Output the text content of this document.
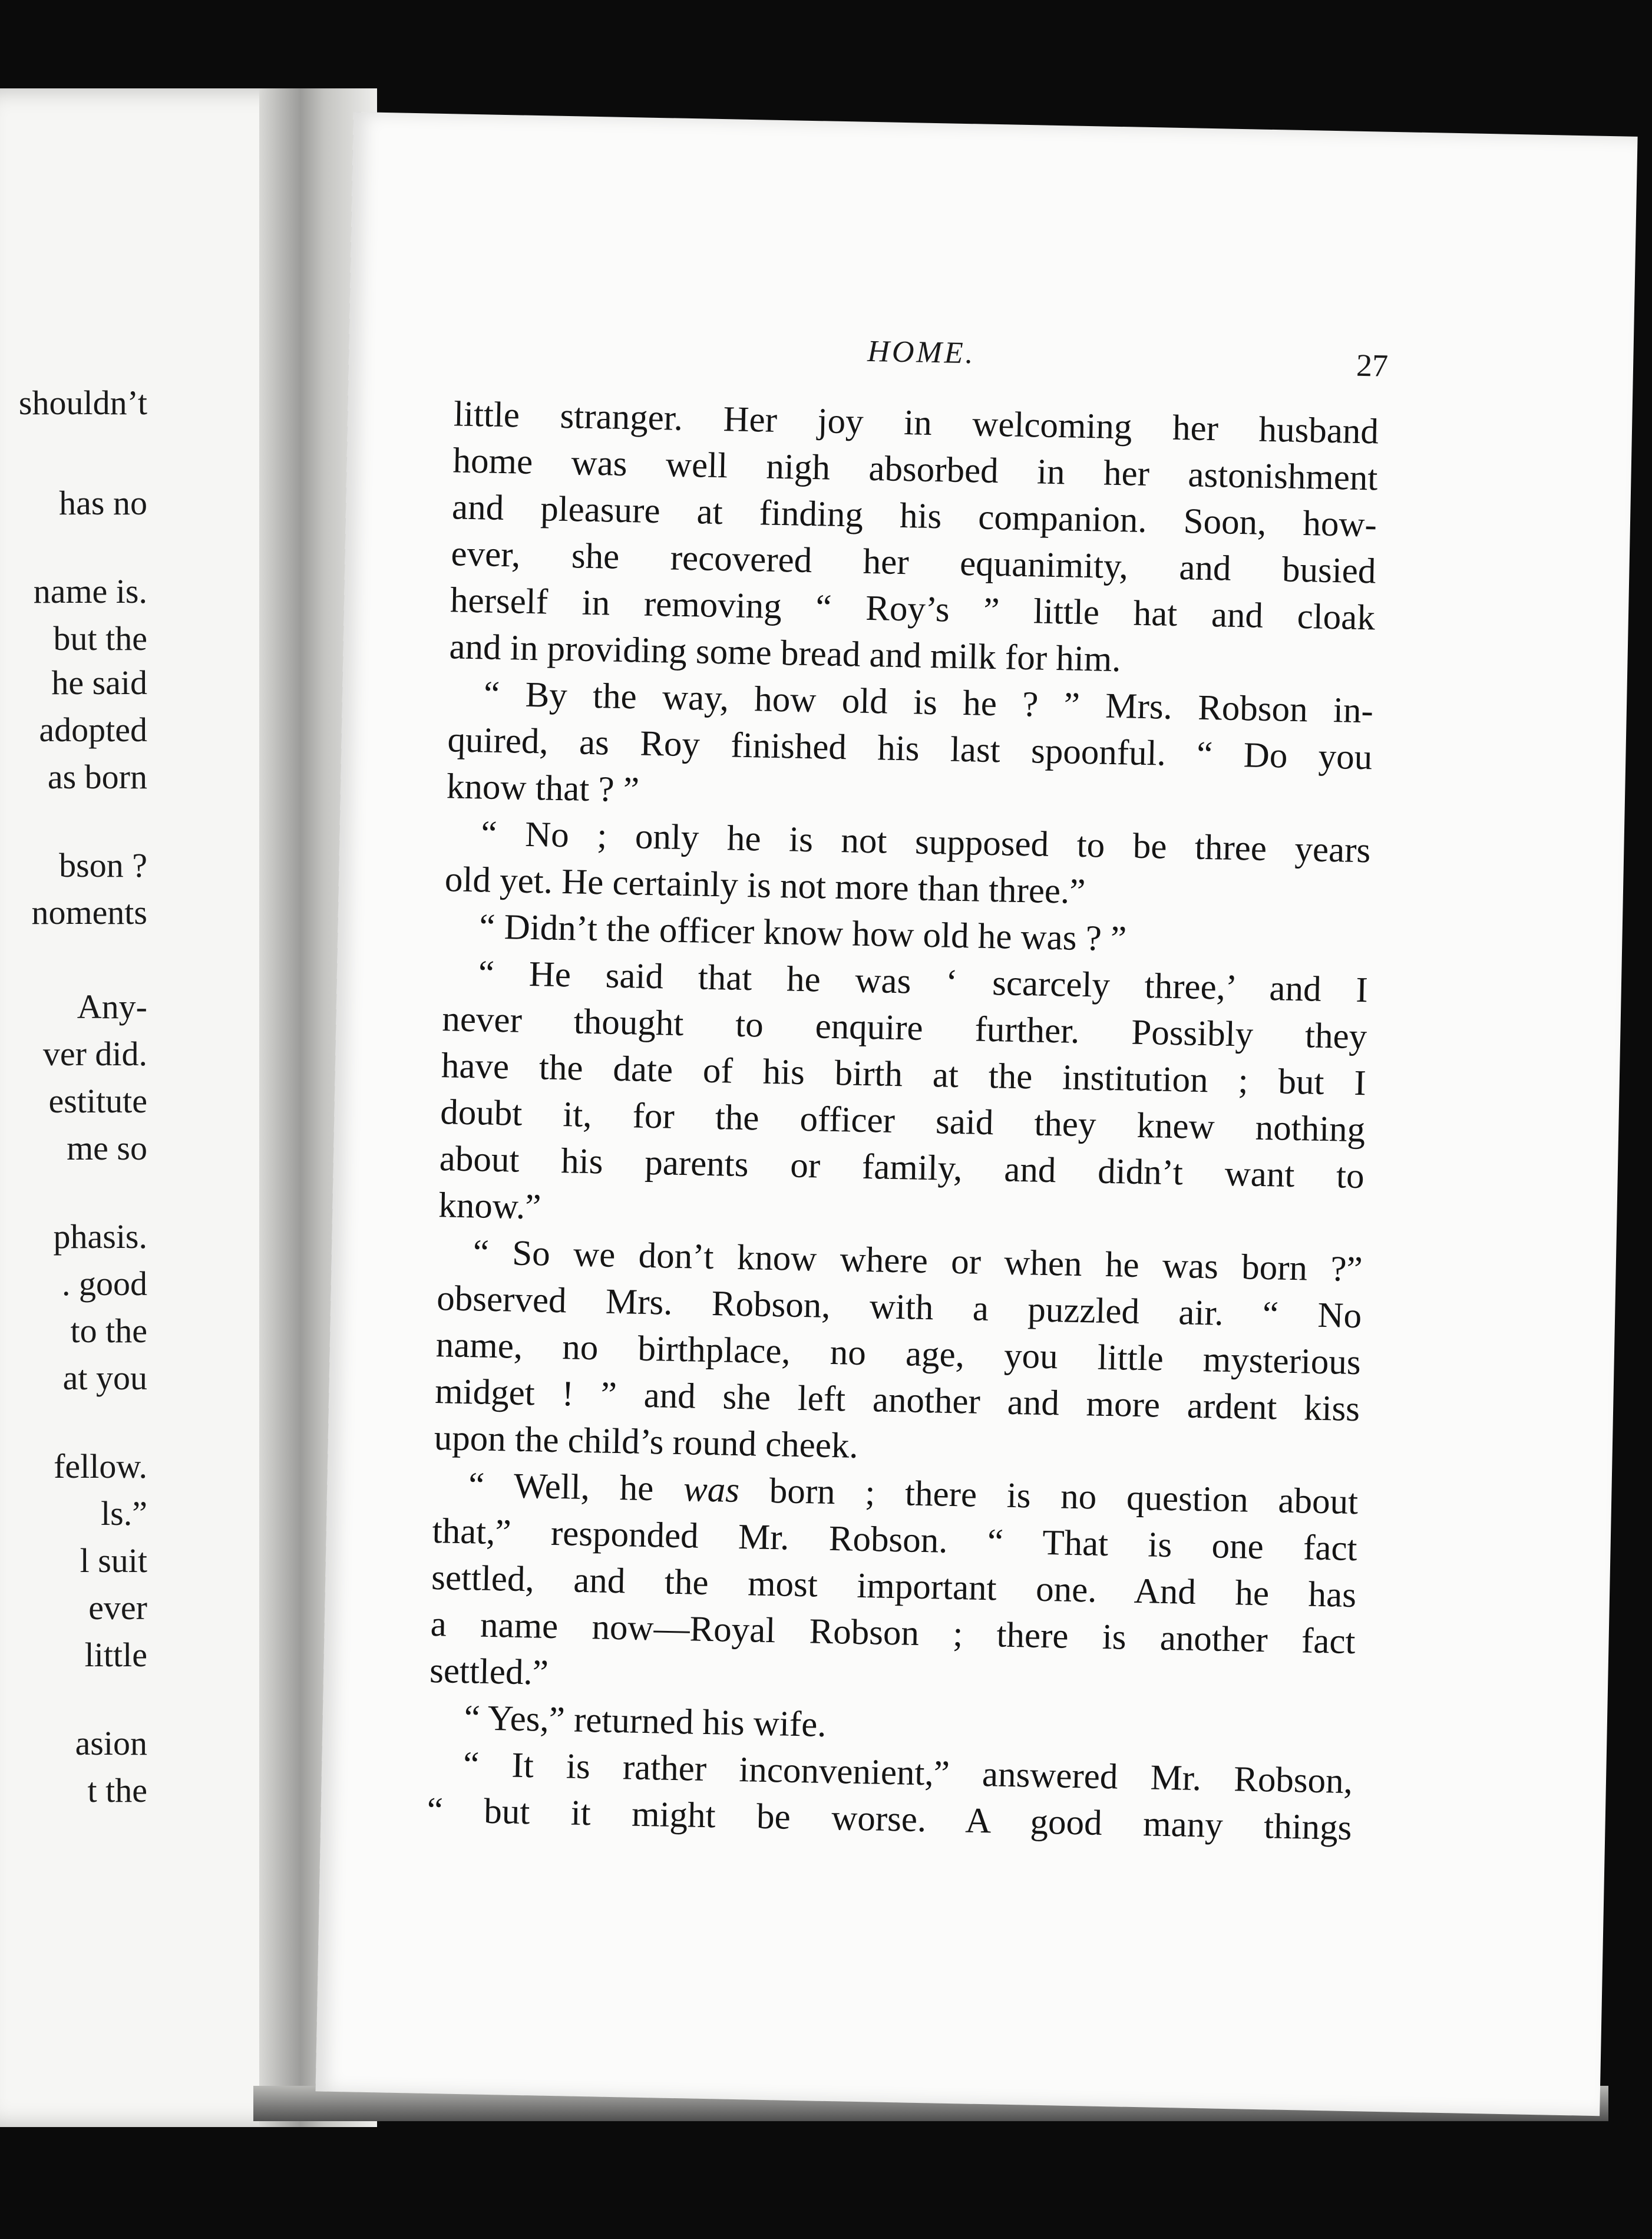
shouldn’t
has no
name is.
but the
he said
adopted
as born
bson ?
noments
Any-
ver did.
estitute
me so
phasis.
. good
to the
at you
fellow.
ls.”
l suit
ever
little
asion
t the
HOME.	27
little stranger. Her joy in welcoming her husband
home was well nigh absorbed in her astonishment
and pleasure at finding his companion. Soon, how-
ever, she recovered her equanimity, and busied
herself in removing “ Roy’s ” little hat and cloak
and in providing some bread and milk for him.
“ By the way, how old is he ? ” Mrs. Robson in-
quired, as Roy finished his last spoonful. “ Do you
know that ? ”
“ No ; only he is not supposed to be three years
old yet. He certainly is not more than three.”
“ Didn’t the officer know how old he was ? ”
“ He said that he was ‘ scarcely three,’ and I
never thought to enquire further. Possibly they
have the date of his birth at the institution ; but I
doubt it, for the officer said they knew nothing
about his parents or family, and didn’t want to
know.”
“ So we don’t know where or when he was born ?”
observed Mrs. Robson, with a puzzled air. “ No
name, no birthplace, no age, you little mysterious
midget ! ” and she left another and more ardent kiss
upon the child’s round cheek.
“ Well, he was born ; there is no question about
that,” responded Mr. Robson. “ That is one fact
settled, and the most important one. And he has
a name now—Royal Robson ; there is another fact
settled.”
“ Yes,” returned his wife.
“ It is rather inconvenient,” answered Mr. Robson,
“ but it might be worse. A good many things
